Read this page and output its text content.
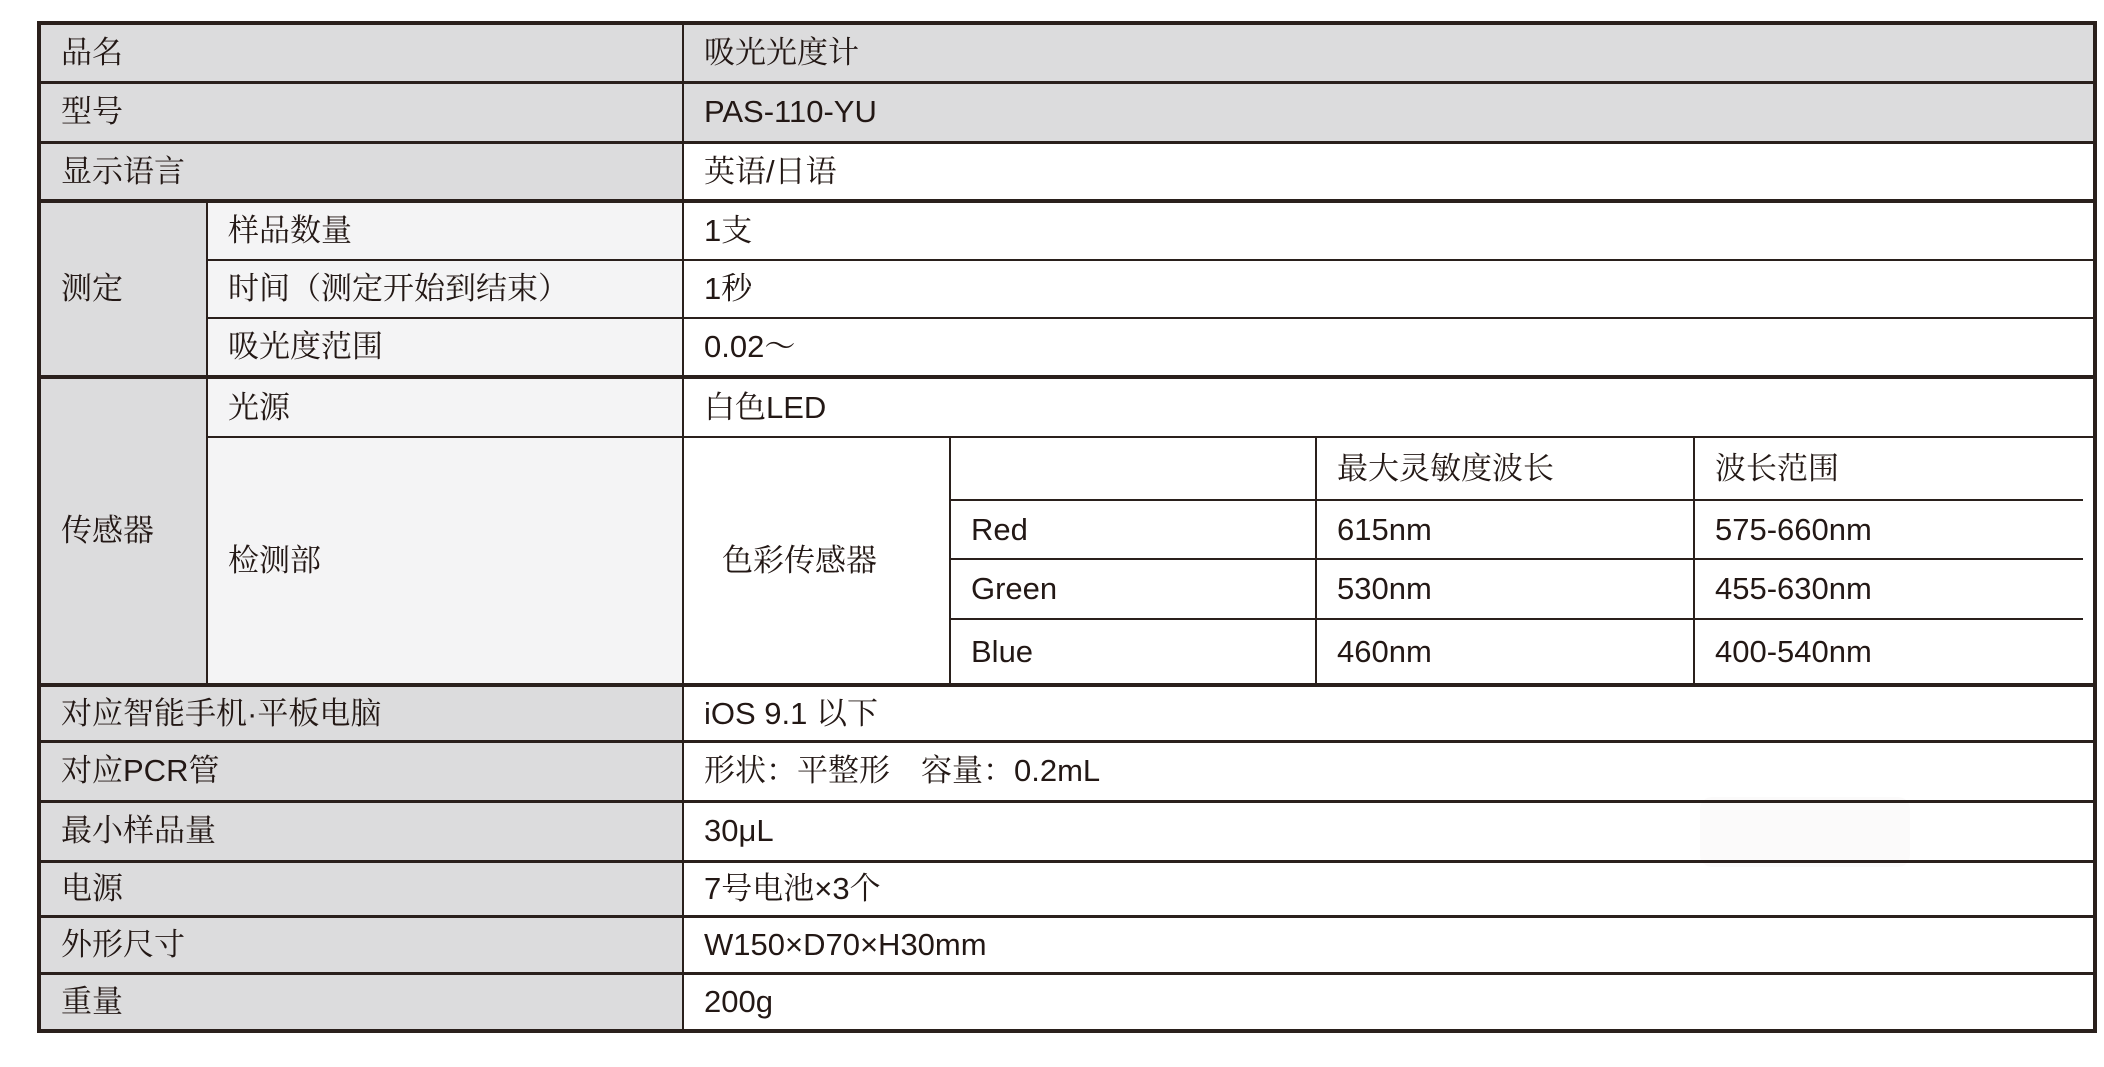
品名	吸光光度计
型号	PAS-110-YU
显示语言	英语/日语
测定	样品数量	1支
时间（测定开始到结束）	1秒
吸光度范围	0.02～
传感器	光源	白色LED
检测部	色彩传感器
	最大灵敏度波长	波长范围
Red	615nm	575-660nm
Green	530nm	455-630nm
Blue	460nm	400-540nm

对应智能手机·平板电脑	iOS 9.1 以下
对应PCR管	形状：平整形　容量：0.2mL
最小样品量	30μL
电源	7号电池×3个
外形尺寸	W150×D70×H30mm
重量	200g
